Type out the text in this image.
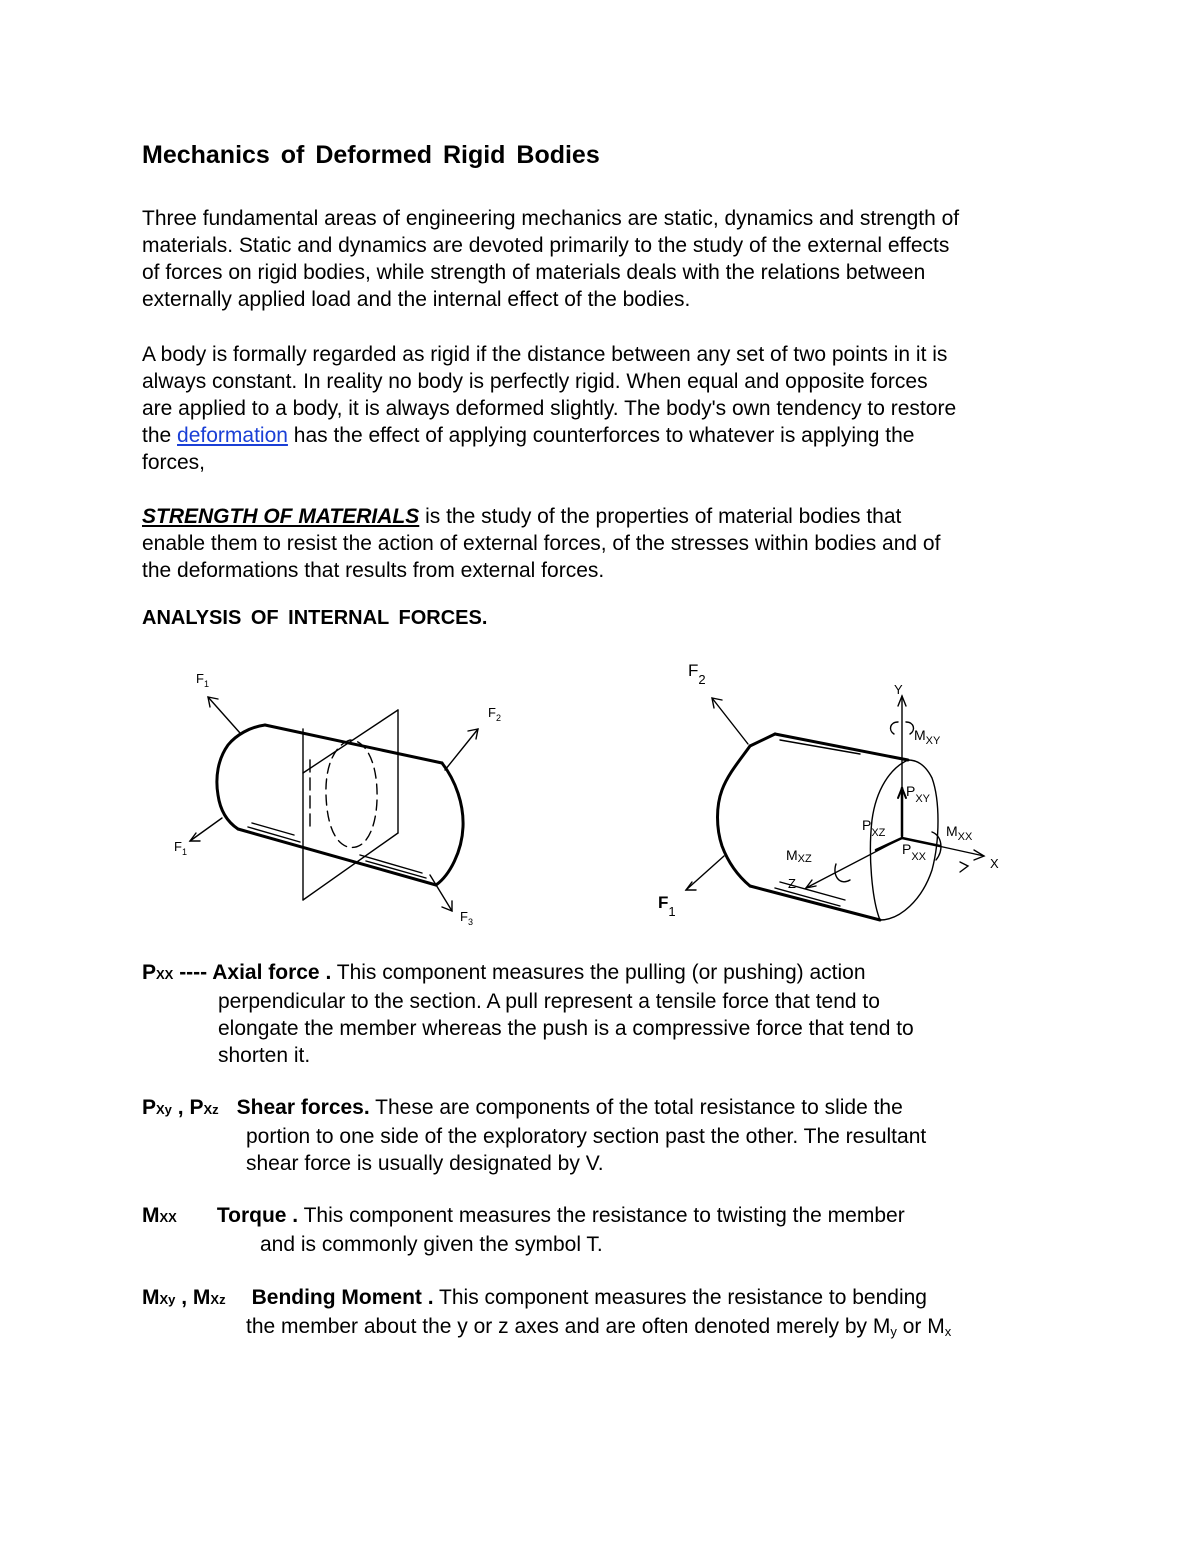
Mechanics of Deformed Rigid Bodies
Three fundamental areas of engineering mechanics are static, dynamics and strength of
materials. Static and dynamics are devoted primarily to the study of the external effects
of forces on rigid bodies, while strength of materials deals with the relations between
externally applied load and the internal effect of the bodies.
A body is formally regarded as rigid if the distance between any set of two points in it is
always constant. In reality no body is perfectly rigid. When equal and opposite forces
are applied to a body, it is always deformed slightly. The body's own tendency to restore
the deformation has the effect of applying counterforces to whatever is applying the
forces,
STRENGTH OF MATERIALS is the study of the properties of material bodies that
enable them to resist the action of external forces, of the stresses within bodies and of
the deformations that results from external forces.
ANALYSIS OF INTERNAL FORCES.
$F_1$
$F_2$
$F_1$
$F_3$
$F_2$
$F_1$
Y
$M_{XY}$
$P_{XY}$
$P_{XZ}$	$M_{XX}$
$P_{XX}$
MXZ
Z
X
PXX ---- Axial force . This component measures the pulling (or pushing) action
perpendicular to the section. A pull represent a tensile force that tend to
elongate the member whereas the push is a compressive force that tend to
shorten it.
PXy , PXz Shear forces. These are components of the total resistance to slide the
portion to one side of the exploratory section past the other. The resultant
shear force is usually designated by V.
MXX Torque . This component measures the resistance to twisting the member
and is commonly given the symbol T.
MXy , MXz Bending Moment . This component measures the resistance to bending
the member about the y or z axes and are often denoted merely by My or Mx
